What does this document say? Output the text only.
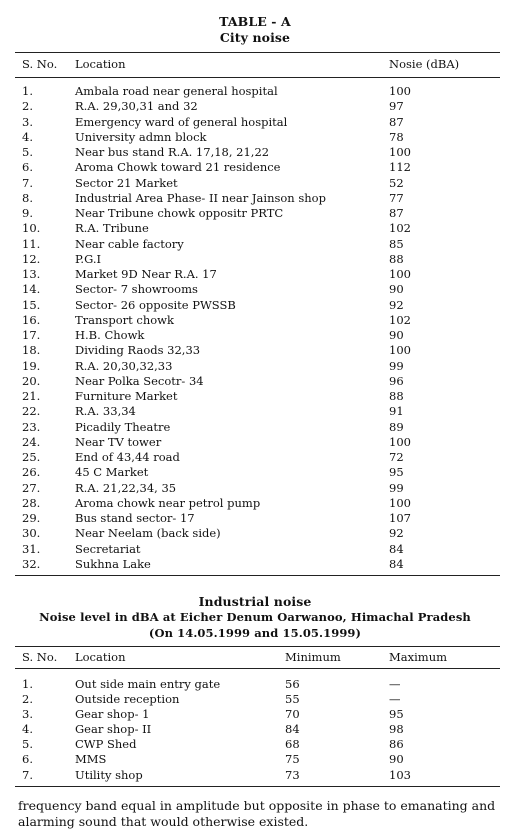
TABLE - A
City noise
S. No. Location	Nosie (dBA)
1.	Ambala road near general hospital	100
2.	R.A. 29,30,31 and 32	97
3.	Emergency ward of general hospital	87
4.	University admn block	78
5.	Near bus stand R.A. 17,18, 21,22	100
6.	Aroma Chowk toward 21 residence	112
7.	Sector 21 Market	52
8.	Industrial Area Phase- II near Jainson shop	77
9.	Near Tribune chowk oppositr PRTC	87
10.	R.A. Tribune	102
11.	Near cable factory	85
12.	P.G.I	88
13.	Market 9D Near R.A. 17	100
14.	Sector- 7 showrooms	90
15.	Sector- 26 opposite PWSSB	92
16.	Transport chowk	102
17.	H.B. Chowk	90
18.	Dividing Raods 32,33	100
19.	R.A. 20,30,32,33	99
20.	Near Polka Secotr- 34	96
21.	Furniture Market	88
22.	R.A. 33,34	91
23.	Picadily Theatre	89
24.	Near TV tower	100
25.	End of 43,44 road	72
26.	45 C Market	95
27.	R.A. 21,22,34, 35	99
28.	Aroma chowk near petrol pump	100
29.	Bus stand sector- 17	107
30.	Near Neelam (back side)	92
31.	Secretariat	84
32.	Sukhna Lake	84
Industrial noise
Noise level in dBA at Eicher Denum Oarwanoo, Himachal Pradesh
(On 14.05.1999 and 15.05.1999)
S. No. Location	Minimum	Maximum
1.	Out side main entry gate	56	—
2.	Outside reception	55	—
3.	Gear shop- 1	70	95
4.	Gear shop- II	84	98
5.	CWP Shed	68	86
6.	MMS	75	90
7.	Utility shop	73	103
frequency band equal in amplitude but opposite in phase to emanating and alarming sound that would otherwise existed.
